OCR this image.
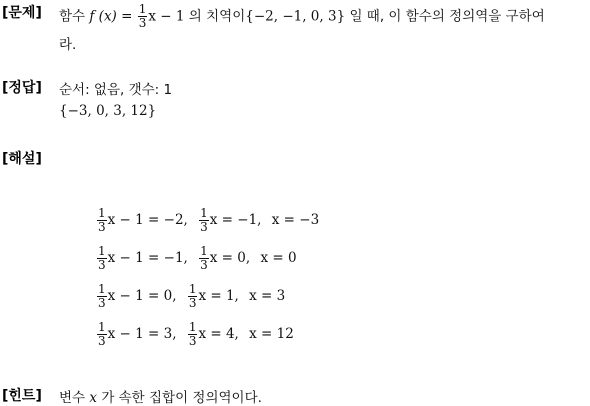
[문제] 함수 f $(x) = \frac{1}{3}$ x − 1 의 치역이{−2, −1, 0, 3} 일 때, 이 함수의 정의역을 구하여
라.
[정답] 순서: 없음, 갯수: 1
{−3, 0, 3, 12}
[해설]
$\frac{1}{3}$ x − 1 = −2, $\frac{1}{3}$ x = −1, x = −3
$\frac{1}{3}$ x − 1 = −1, $\frac{1}{3}$ x = 0, x = 0
$\frac{1}{3}$ x − 1 = 0, $\frac{1}{3}$ x = 1, x = 3
$\frac{1}{3}$ x − 1 = 3, $\frac{1}{3}$ x = 4, x = 12
[힌트] 변수 x 가 속한 집합이 정의역이다.
